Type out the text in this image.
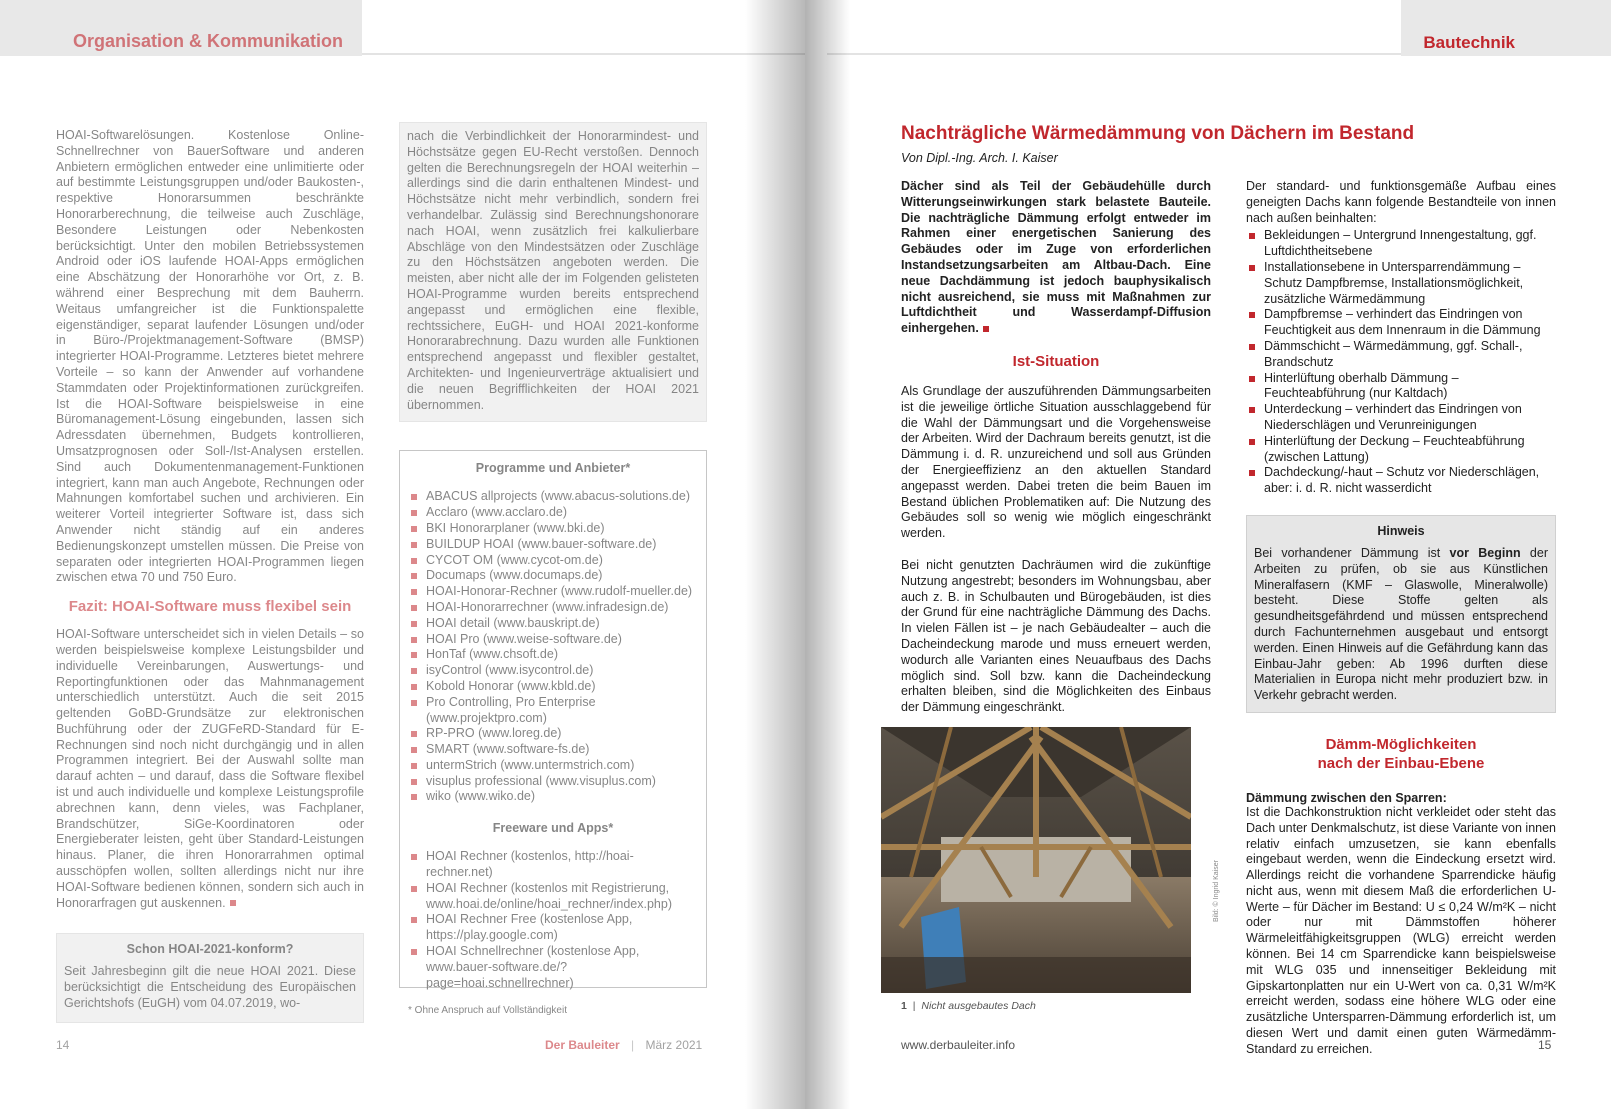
Organisation & Kommunikation

HOAI-Softwarelösungen. Kostenlose Online-Schnellrechner von BauerSoftware und anderen Anbietern ermöglichen entweder eine unlimitierte oder auf bestimmte Leistungsgruppen und/oder Baukosten-, respektive Honorarsummen beschränkte Honorarberechnung, die teilweise auch Zuschläge, Besondere Leistungen oder Nebenkosten berücksichtigt. Unter den mobilen Betriebssystemen Android oder iOS laufende HOAI-Apps ermöglichen eine Abschätzung der Honorarhöhe vor Ort, z. B. während einer Besprechung mit dem Bauherrn. Weitaus umfangreicher ist die Funktionspalette eigenständiger, separat laufender Lösungen und/oder in Büro-/Projektmanagement-Software (BMSP) integrierter HOAI-Programme. Letzteres bietet mehrere Vorteile – so kann der Anwender auf vorhandene Stammdaten oder Projektinformationen zurückgreifen. Ist die HOAI-Software beispielsweise in eine Büromanagement-Lösung eingebunden, lassen sich Adressdaten übernehmen, Budgets kontrollieren, Umsatzprognosen oder Soll-/Ist-Analysen erstellen. Sind auch Dokumentenmanagement-Funktionen integriert, kann man auch Angebote, Rechnungen oder Mahnungen komfortabel suchen und archivieren. Ein weiterer Vorteil integrierter Software ist, dass sich Anwender nicht ständig auf ein anderes Bedienungskonzept umstellen müssen. Die Preise von separaten oder integrierten HOAI-Programmen liegen zwischen etwa 70 und 750 Euro.

Fazit: HOAI-Software muss flexibel sein

HOAI-Software unterscheidet sich in vielen Details – so werden beispielsweise komplexe Leistungsbilder und individuelle Vereinbarungen, Auswertungs- und Reportingfunktionen oder das Mahnmanagement unterschiedlich unterstützt. Auch die seit 2015 geltenden GoBD-Grundsätze zur elektronischen Buchführung oder der ZUGFeRD-Standard für E-Rechnungen sind noch nicht durchgängig und in allen Programmen integriert. Bei der Auswahl sollte man darauf achten – und darauf, dass die Software flexibel ist und auch individuelle und komplexe Leistungsprofile abrechnen kann, denn vieles, was Fachplaner, Brandschützer, SiGe-Koordinatoren oder Energieberater leisten, geht über Standard-Leistungen hinaus. Planer, die ihren Honorarrahmen optimal ausschöpfen wollen, sollten allerdings nicht nur ihre HOAI-Software bedienen können, sondern sich auch in Honorarfragen gut auskennen.

Schon HOAI-2021-konform?

Seit Jahresbeginn gilt die neue HOAI 2021. Diese berücksichtigt die Entscheidung des Europäischen Gerichtshofs (EuGH) vom 04.07.2019, wo-

nach die Verbindlichkeit der Honorarmindest- und Höchstsätze gegen EU-Recht verstoßen. Dennoch gelten die Berechnungsregeln der HOAI weiterhin – allerdings sind die darin enthaltenen Mindest- und Höchstsätze nicht mehr verbindlich, sondern frei verhandelbar. Zulässig sind Berechnungshonorare nach HOAI, wenn zusätzlich frei kalkulierbare Abschläge von den Mindestsätzen oder Zuschläge zu den Höchstsätzen angeboten werden. Die meisten, aber nicht alle der im Folgenden gelisteten HOAI-Programme wurden bereits entsprechend angepasst und ermöglichen eine flexible, rechtssichere, EuGH- und HOAI 2021-konforme Honorarabrechnung. Dazu wurden alle Funktionen entsprechend angepasst und flexibler gestaltet, Architekten- und Ingenieurverträge aktualisiert und die neuen Begrifflichkeiten der HOAI 2021 übernommen.

Programme und Anbieter*
ABACUS allprojects (www.abacus-solutions.de)
Acclaro (www.acclaro.de)
BKI Honorarplaner (www.bki.de)
BUILDUP HOAI (www.bauer-software.de)
CYCOT OM (www.cycot-om.de)
Documaps (www.documaps.de)
HOAI-Honorar-Rechner (www.rudolf-mueller.de)
HOAI-Honorarrechner (www.infradesign.de)
HOAI detail (www.bauskript.de)
HOAI Pro (www.weise-software.de)
HonTaf (www.chsoft.de)
isyControl (www.isycontrol.de)
Kobold Honorar (www.kbld.de)
Pro Controlling, Pro Enterprise (www.projektpro.com)
RP-PRO (www.loreg.de)
SMART (www.software-fs.de)
untermStrich (www.untermstrich.com)
visuplus professional (www.visuplus.com)
wiko (www.wiko.de)
Freeware und Apps*
HOAI Rechner (kostenlos, http://hoai-rechner.net)
HOAI Rechner (kostenlos mit Registrierung, www.hoai.de/online/hoai_rechner/index.php)
HOAI Rechner Free (kostenlose App, https://play.google.com)
HOAI Schnellrechner (kostenlose App, www.bauer-software.de/?page=hoai.schnellrechner)
* Ohne Anspruch auf Vollständigkeit
14	Der Bauleiter | März 2021
Bautechnik
Nachträgliche Wärmedämmung von Dächern im Bestand
Von Dipl.-Ing. Arch. I. Kaiser

Dächer sind als Teil der Gebäudehülle durch Witterungseinwirkungen stark belastete Bauteile. Die nachträgliche Dämmung erfolgt entweder im Rahmen einer energetischen Sanierung des Gebäudes oder im Zuge von erforderlichen Instandsetzungsarbeiten am Altbau-Dach. Eine neue Dachdämmung ist jedoch bauphysikalisch nicht ausreichend, sie muss mit Maßnahmen zur Luftdichtheit und Wasserdampf-Diffusion einhergehen.

Ist-Situation

Als Grundlage der auszuführenden Dämmungsarbeiten ist die jeweilige örtliche Situation ausschlaggebend für die Wahl der Dämmungsart und die Vorgehensweise der Arbeiten. Wird der Dachraum bereits genutzt, ist die Dämmung i. d. R. unzureichend und soll aus Gründen der Energieeffizienz an den aktuellen Standard angepasst werden. Dabei treten die beim Bauen im Bestand üblichen Problematiken auf: Die Nutzung des Gebäudes soll so wenig wie möglich eingeschränkt werden.

Bei nicht genutzten Dachräumen wird die zukünftige Nutzung angestrebt; besonders im Wohnungsbau, aber auch z. B. in Schulbauten und Bürogebäuden, ist dies der Grund für eine nachträgliche Dämmung des Dachs. In vielen Fällen ist – je nach Gebäudealter – auch die Dacheindeckung marode und muss erneuert werden, wodurch alle Varianten eines Neuaufbaus des Dachs möglich sind. Soll bzw. kann die Dacheindeckung erhalten bleiben, sind die Möglichkeiten des Einbaus der Dämmung eingeschränkt.

1 | Nicht ausgebautes Dach
Bild: © Ingrid Kaiser

Der standard- und funktionsgemäße Aufbau eines geneigten Dachs kann folgende Bestandteile von innen nach außen beinhalten:

Bekleidungen – Untergrund Innengestaltung, ggf. Luftdichtheitsebene
Installationsebene in Untersparrendämmung – Schutz Dampfbremse, Installationsmöglichkeit, zusätzliche Wärmedämmung
Dampfbremse – verhindert das Eindringen von Feuchtigkeit aus dem Innenraum in die Dämmung
Dämmschicht – Wärmedämmung, ggf. Schall-, Brandschutz
Hinterlüftung oberhalb Dämmung – Feuchteabführung (nur Kaltdach)
Unterdeckung – verhindert das Eindringen von Niederschlägen und Verunreinigungen
Hinterlüftung der Deckung – Feuchteabführung (zwischen Lattung)
Dachdeckung/-haut – Schutz vor Niederschlägen, aber: i. d. R. nicht wasserdicht
Hinweis

Bei vorhandener Dämmung ist vor Beginn der Arbeiten zu prüfen, ob sie aus Künstlichen Mineralfasern (KMF – Glaswolle, Mineralwolle) besteht. Diese Stoffe gelten als gesundheitsgefährdend und müssen entsprechend durch Fachunternehmen ausgebaut und entsorgt werden. Einen Hinweis auf die Gefährdung kann das Einbau-Jahr geben: Ab 1996 durften diese Materialien in Europa nicht mehr produziert bzw. in Verkehr gebracht werden.

Dämm-Möglichkeiten
nach der Einbau-Ebene
Dämmung zwischen den Sparren:

Ist die Dachkonstruktion nicht verkleidet oder steht das Dach unter Denkmalschutz, ist diese Variante von innen relativ einfach umzusetzen, sie kann ebenfalls eingebaut werden, wenn die Eindeckung ersetzt wird. Allerdings reicht die vorhandene Sparrendicke häufig nicht aus, wenn mit diesem Maß die erforderlichen U-Werte – für Dächer im Bestand: U ≤ 0,24 W/m²K – nicht oder nur mit Dämmstoffen höherer Wärmeleitfähigkeitsgruppen (WLG) erreicht werden können. Bei 14 cm Sparrendicke kann beispielsweise mit WLG 035 und innenseitiger Bekleidung mit Gipskartonplatten nur ein U-Wert von ca. 0,31 W/m²K erreicht werden, sodass eine höhere WLG oder eine zusätzliche Untersparren-Dämmung erforderlich ist, um diesen Wert und damit einen guten Wärmedämm-Standard zu erreichen.

www.derbauleiter.info	15
